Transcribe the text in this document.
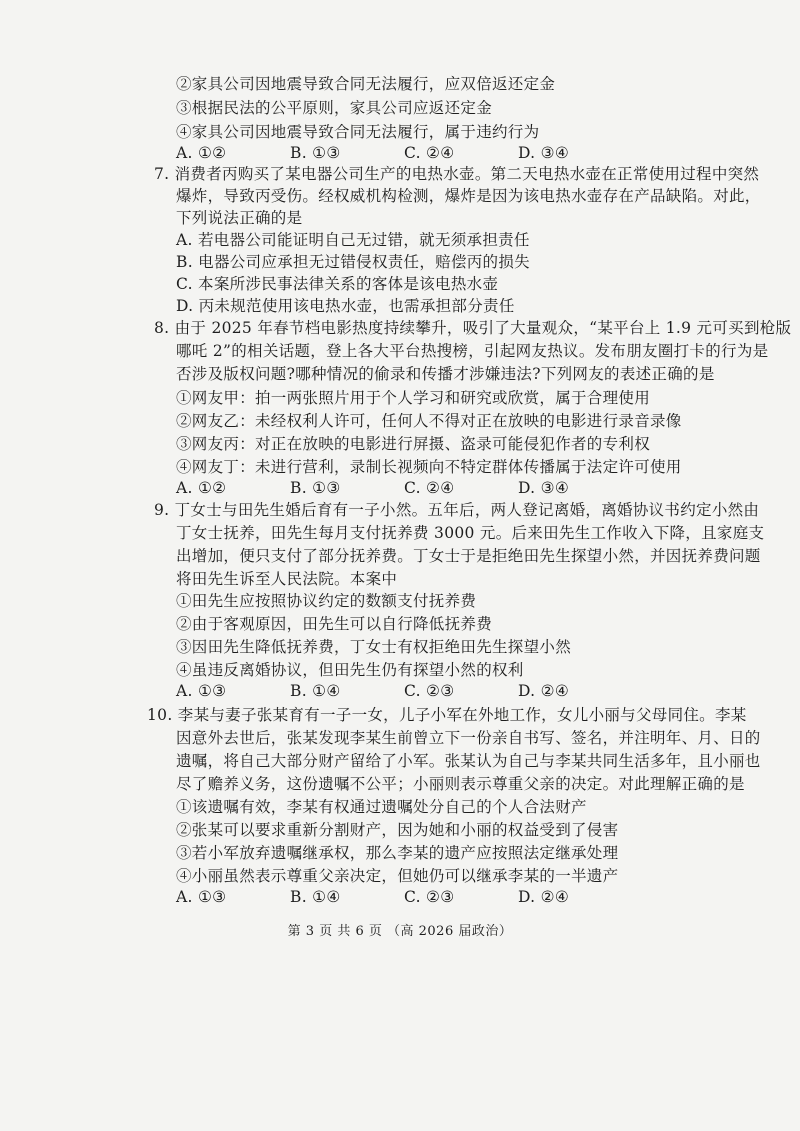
②家具公司因地震导致合同无法履行，应双倍返还定金
③根据民法的公平原则，家具公司应返还定金
④家具公司因地震导致合同无法履行，属于违约行为
A. ①②	B. ①③	C. ②④	D. ③④
7. 消费者丙购买了某电器公司生产的电热水壶。第二天电热水壶在正常使用过程中突然
爆炸，导致丙受伤。经权威机构检测，爆炸是因为该电热水壶存在产品缺陷。对此，
下列说法正确的是
A. 若电器公司能证明自己无过错，就无须承担责任
B. 电器公司应承担无过错侵权责任，赔偿丙的损失
C. 本案所涉民事法律关系的客体是该电热水壶
D. 丙未规范使用该电热水壶，也需承担部分责任
8. 由于 2025 年春节档电影热度持续攀升，吸引了大量观众，“某平台上 1.9 元可买到枪版
哪吒 2”的相关话题，登上各大平台热搜榜，引起网友热议。发布朋友圈打卡的行为是
否涉及版权问题?哪种情况的偷录和传播才涉嫌违法?下列网友的表述正确的是
①网友甲：拍一两张照片用于个人学习和研究或欣赏，属于合理使用
②网友乙：未经权利人许可，任何人不得对正在放映的电影进行录音录像
③网友丙：对正在放映的电影进行屏摄、盗录可能侵犯作者的专利权
④网友丁：未进行营利，录制长视频向不特定群体传播属于法定许可使用
A. ①②	B. ①③	C. ②④	D. ③④
9. 丁女士与田先生婚后育有一子小然。五年后，两人登记离婚，离婚协议书约定小然由
丁女士抚养，田先生每月支付抚养费 3000 元。后来田先生工作收入下降，且家庭支
出增加，便只支付了部分抚养费。丁女士于是拒绝田先生探望小然，并因抚养费问题
将田先生诉至人民法院。本案中
①田先生应按照协议约定的数额支付抚养费
②由于客观原因，田先生可以自行降低抚养费
③因田先生降低抚养费，丁女士有权拒绝田先生探望小然
④虽违反离婚协议，但田先生仍有探望小然的权利
A. ①③	B. ①④	C. ②③	D. ②④
10. 李某与妻子张某育有一子一女，儿子小军在外地工作，女儿小丽与父母同住。李某
因意外去世后，张某发现李某生前曾立下一份亲自书写、签名，并注明年、月、日的
遗嘱，将自己大部分财产留给了小军。张某认为自己与李某共同生活多年，且小丽也
尽了赡养义务，这份遗嘱不公平；小丽则表示尊重父亲的决定。对此理解正确的是
①该遗嘱有效，李某有权通过遗嘱处分自己的个人合法财产
②张某可以要求重新分割财产，因为她和小丽的权益受到了侵害
③若小军放弃遗嘱继承权，那么李某的遗产应按照法定继承处理
④小丽虽然表示尊重父亲决定，但她仍可以继承李某的一半遗产
A. ①③	B. ①④	C. ②③	D. ②④
第 3 页 共 6 页 （高 2026 届政治）
